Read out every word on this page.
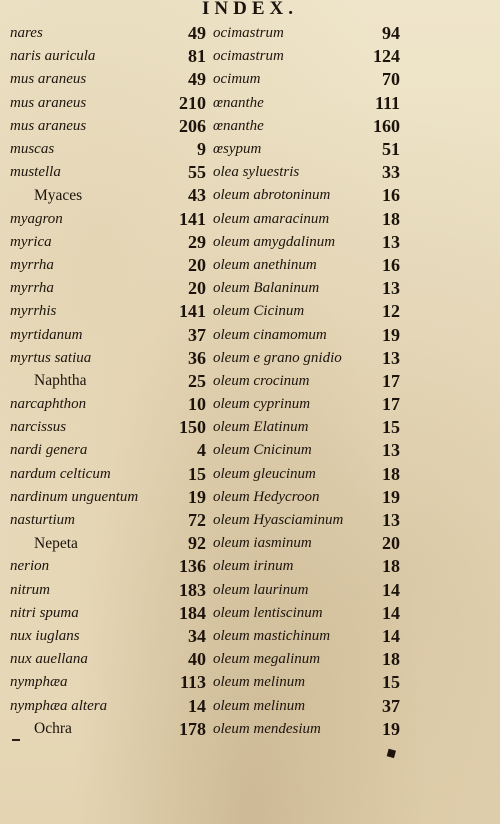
INDEX.
nares	49
naris auricula	81
mus araneus	49
mus araneus	210
mus araneus	206
muscas	9
mustella	55
Myaces	43
myagron	141
myrica	29
myrrha	20
myrrha	20
myrrhis	141
myrtidanum	37
myrtus satiua	36
Naphtha	25
narcaphthon	10
narcissus	150
nardi genera	4
nardum celticum	15
nardinum unguentum	19
nasturtium	72
Nepeta	92
nerion	136
nitrum	183
nitri spuma	184
nux iuglans	34
nux auellana	40
nymphæa	113
nymphæa altera	14
Ochra	178
ocimastrum	94
ocimastrum	124
ocimum	70
œnanthe	111
œnanthe	160
œsypum	51
olea syluestris	33
oleum abrotoninum	16
oleum amaracinum	18
oleum amygdalinum	13
oleum anethinum	16
oleum Balaninum	13
oleum Cicinum	12
oleum cinamomum	19
oleum e grano gnidio	13
oleum crocinum	17
oleum cyprinum	17
oleum Elatinum	15
oleum Cnicinum	13
oleum gleucinum	18
oleum Hedycroon	19
oleum Hyasciaminum	13
oleum iasminum	20
oleum irinum	18
oleum laurinum	14
oleum lentiscinum	14
oleum mastichinum	14
oleum megalinum	18
oleum melinum	15
oleum melinum	37
oleum mendesium	19
◆
